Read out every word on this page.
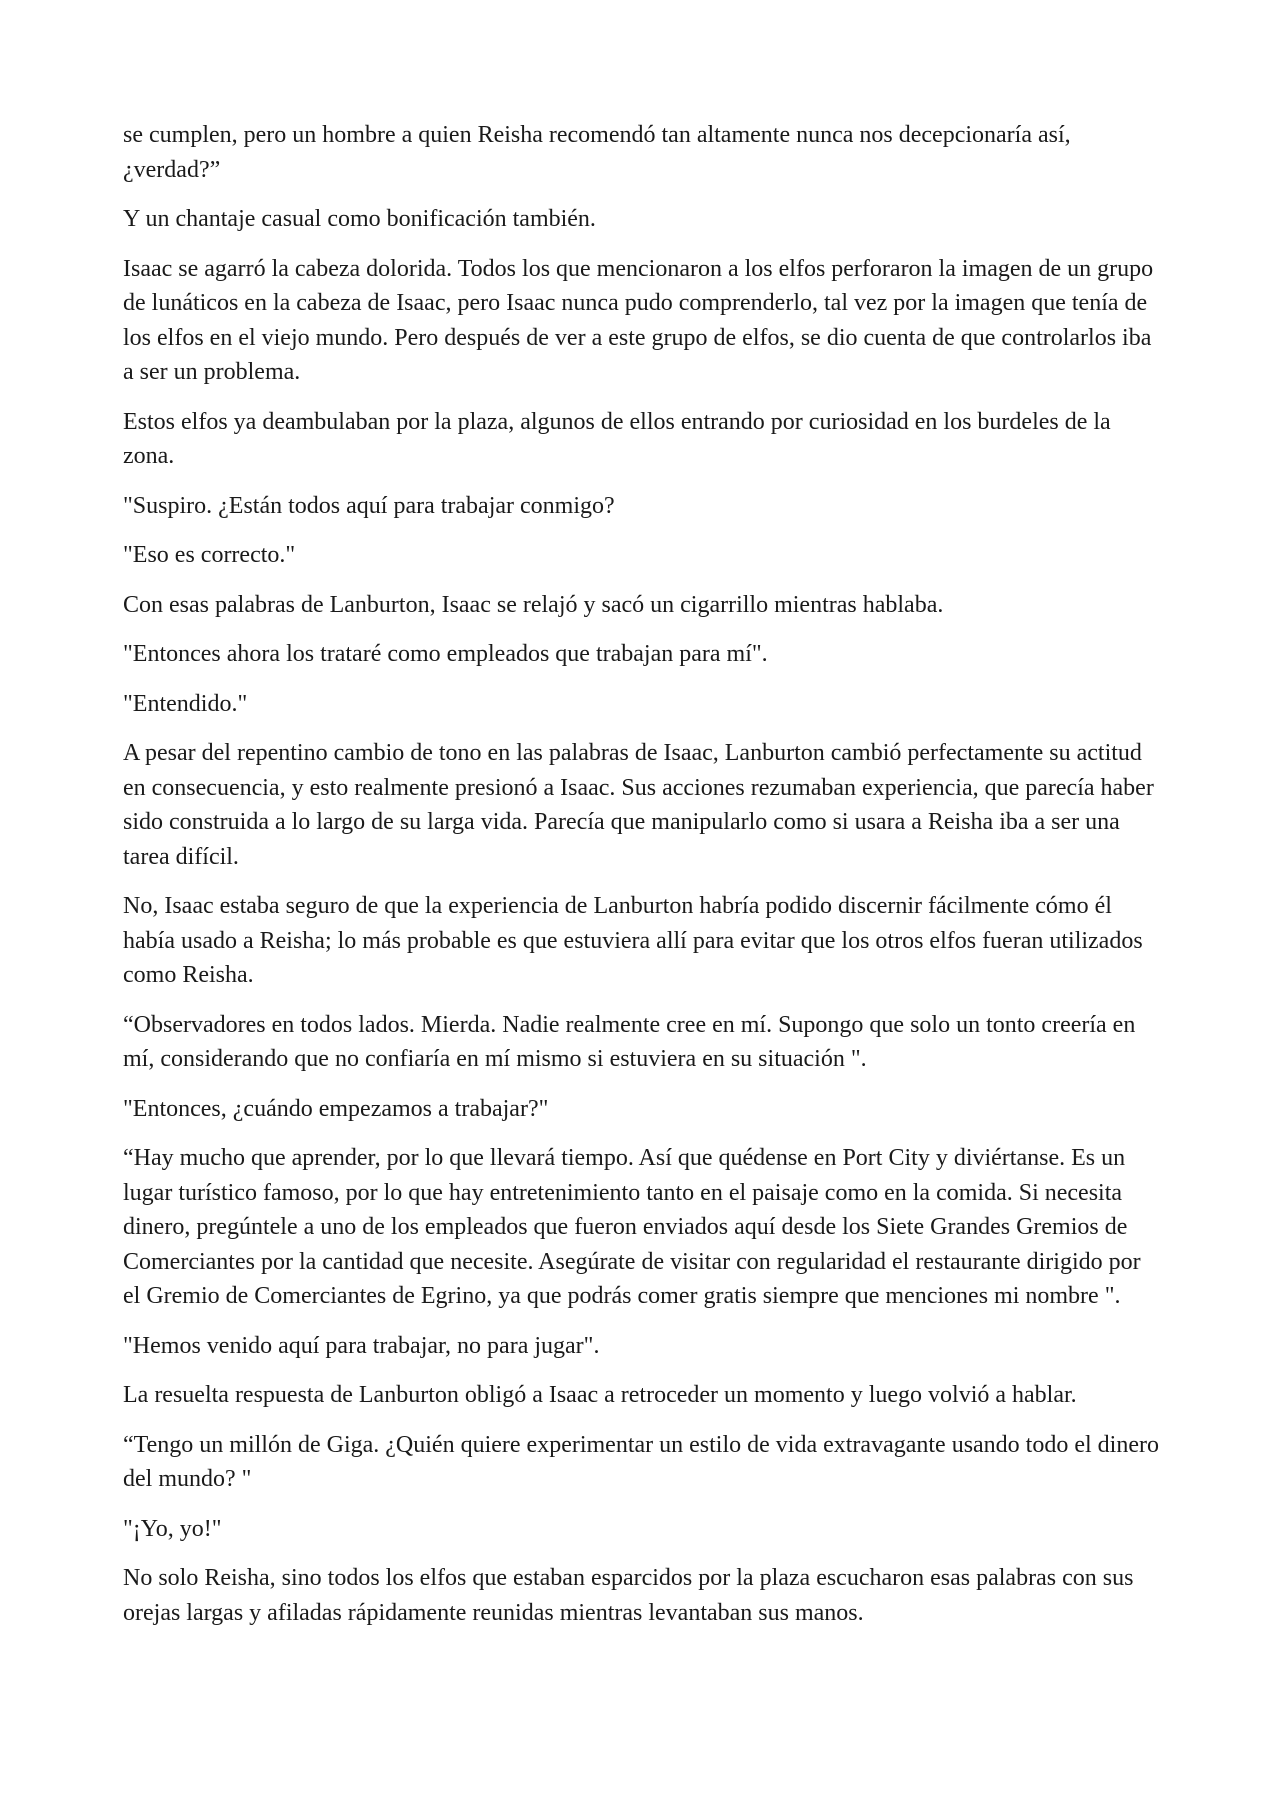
se cumplen, pero un hombre a quien Reisha recomendó tan altamente nunca nos decepcionaría así, ¿verdad?”

Y un chantaje casual como bonificación también.

Isaac se agarró la cabeza dolorida. Todos los que mencionaron a los elfos perforaron la imagen de un grupo de lunáticos en la cabeza de Isaac, pero Isaac nunca pudo comprenderlo, tal vez por la imagen que tenía de los elfos en el viejo mundo. Pero después de ver a este grupo de elfos, se dio cuenta de que controlarlos iba a ser un problema.

Estos elfos ya deambulaban por la plaza, algunos de ellos entrando por curiosidad en los burdeles de la zona.

"Suspiro. ¿Están todos aquí para trabajar conmigo?

"Eso es correcto."

Con esas palabras de Lanburton, Isaac se relajó y sacó un cigarrillo mientras hablaba.

"Entonces ahora los trataré como empleados que trabajan para mí".

"Entendido."

A pesar del repentino cambio de tono en las palabras de Isaac, Lanburton cambió perfectamente su actitud en consecuencia, y esto realmente presionó a Isaac. Sus acciones rezumaban experiencia, que parecía haber sido construida a lo largo de su larga vida. Parecía que manipularlo como si usara a Reisha iba a ser una tarea difícil.

No, Isaac estaba seguro de que la experiencia de Lanburton habría podido discernir fácilmente cómo él había usado a Reisha; lo más probable es que estuviera allí para evitar que los otros elfos fueran utilizados como Reisha.

“Observadores en todos lados. Mierda. Nadie realmente cree en mí. Supongo que solo un tonto creería en mí, considerando que no confiaría en mí mismo si estuviera en su situación ".

"Entonces, ¿cuándo empezamos a trabajar?"

“Hay mucho que aprender, por lo que llevará tiempo. Así que quédense en Port City y diviértanse. Es un lugar turístico famoso, por lo que hay entretenimiento tanto en el paisaje como en la comida. Si necesita dinero, pregúntele a uno de los empleados que fueron enviados aquí desde los Siete Grandes Gremios de Comerciantes por la cantidad que necesite. Asegúrate de visitar con regularidad el restaurante dirigido por el Gremio de Comerciantes de Egrino, ya que podrás comer gratis siempre que menciones mi nombre ".

"Hemos venido aquí para trabajar, no para jugar".

La resuelta respuesta de Lanburton obligó a Isaac a retroceder un momento y luego volvió a hablar.

“Tengo un millón de Giga. ¿Quién quiere experimentar un estilo de vida extravagante usando todo el dinero del mundo? "

"¡Yo, yo!"

No solo Reisha, sino todos los elfos que estaban esparcidos por la plaza escucharon esas palabras con sus orejas largas y afiladas rápidamente reunidas mientras levantaban sus manos.
